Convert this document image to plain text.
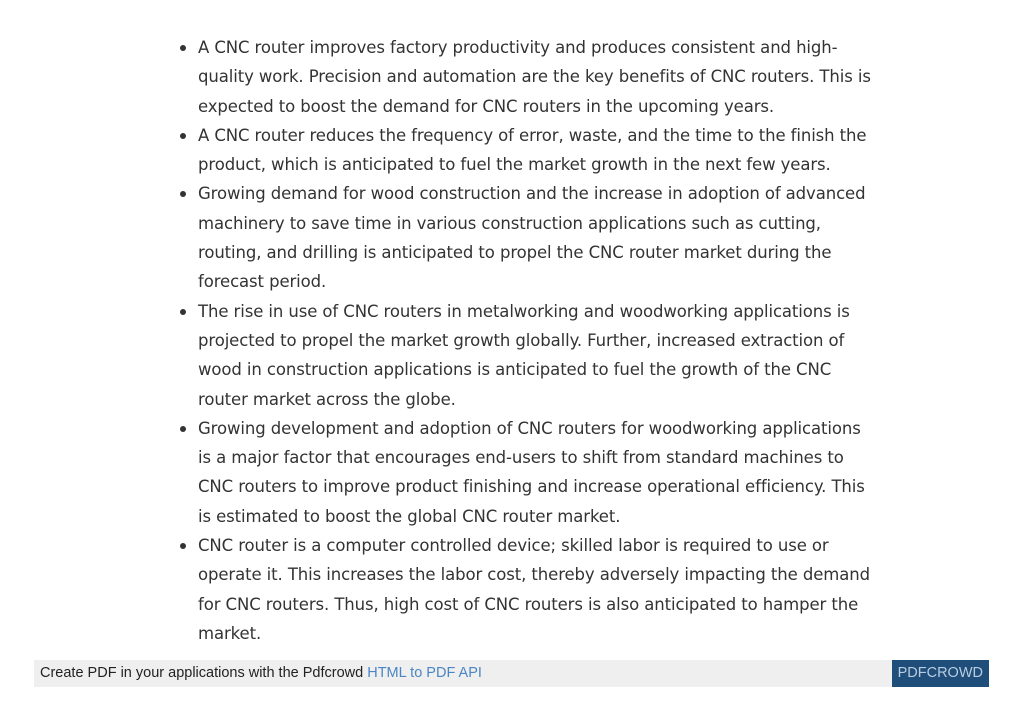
A CNC router improves factory productivity and produces consistent and high-quality work. Precision and automation are the key benefits of CNC routers. This is expected to boost the demand for CNC routers in the upcoming years.
A CNC router reduces the frequency of error, waste, and the time to the finish the product, which is anticipated to fuel the market growth in the next few years.
Growing demand for wood construction and the increase in adoption of advanced machinery to save time in various construction applications such as cutting, routing, and drilling is anticipated to propel the CNC router market during the forecast period.
The rise in use of CNC routers in metalworking and woodworking applications is projected to propel the market growth globally. Further, increased extraction of wood in construction applications is anticipated to fuel the growth of the CNC router market across the globe.
Growing development and adoption of CNC routers for woodworking applications is a major factor that encourages end-users to shift from standard machines to CNC routers to improve product finishing and increase operational efficiency. This is estimated to boost the global CNC router market.
CNC router is a computer controlled device; skilled labor is required to use or operate it. This increases the labor cost, thereby adversely impacting the demand for CNC routers. Thus, high cost of CNC routers is also anticipated to hamper the market.
Create PDF in your applications with the Pdfcrowd HTML to PDF API	PDFCROWD
